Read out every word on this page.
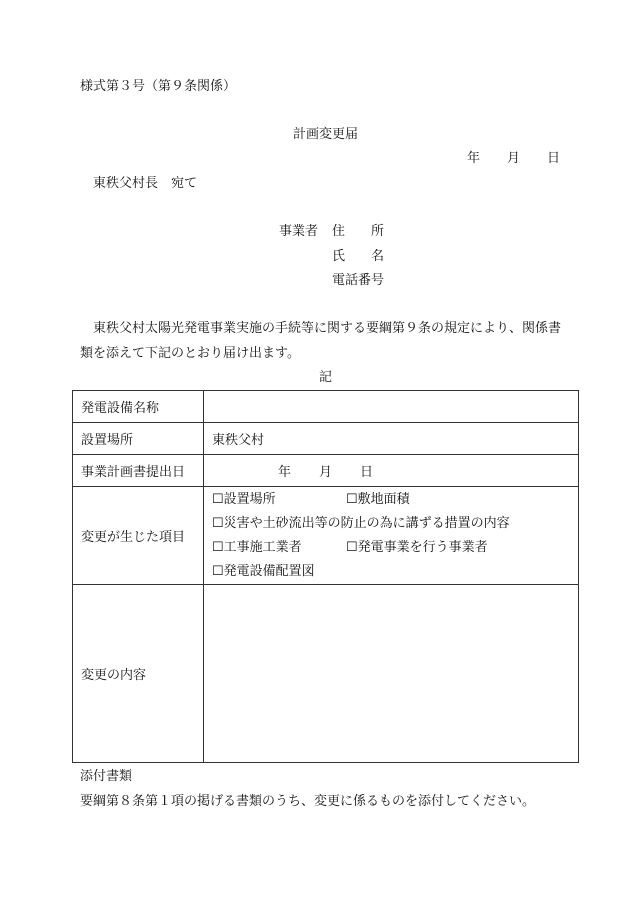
様式第３号（第９条関係）
計画変更届
年 月 日
東秩父村長　宛て
事業者 住　　所
氏　　名
電話番号
東秩父村太陽光発電事業実施の手続等に関する要綱第９条の規定により、関係書
類を添えて下記のとおり届け出ます。
記
発電設備名称	
設置場所	東秩父村
事業計画書提出日	年 月 日
変更が生じた項目	☐設置場所 ☐敷地面積
☐災害や土砂流出等の防止の為に講ずる措置の内容
☐工事施工業者 ☐発電事業を行う事業者
☐発電設備配置図

変更の内容	
添付書類
要綱第８条第１項の掲げる書類のうち、変更に係るものを添付してください。
